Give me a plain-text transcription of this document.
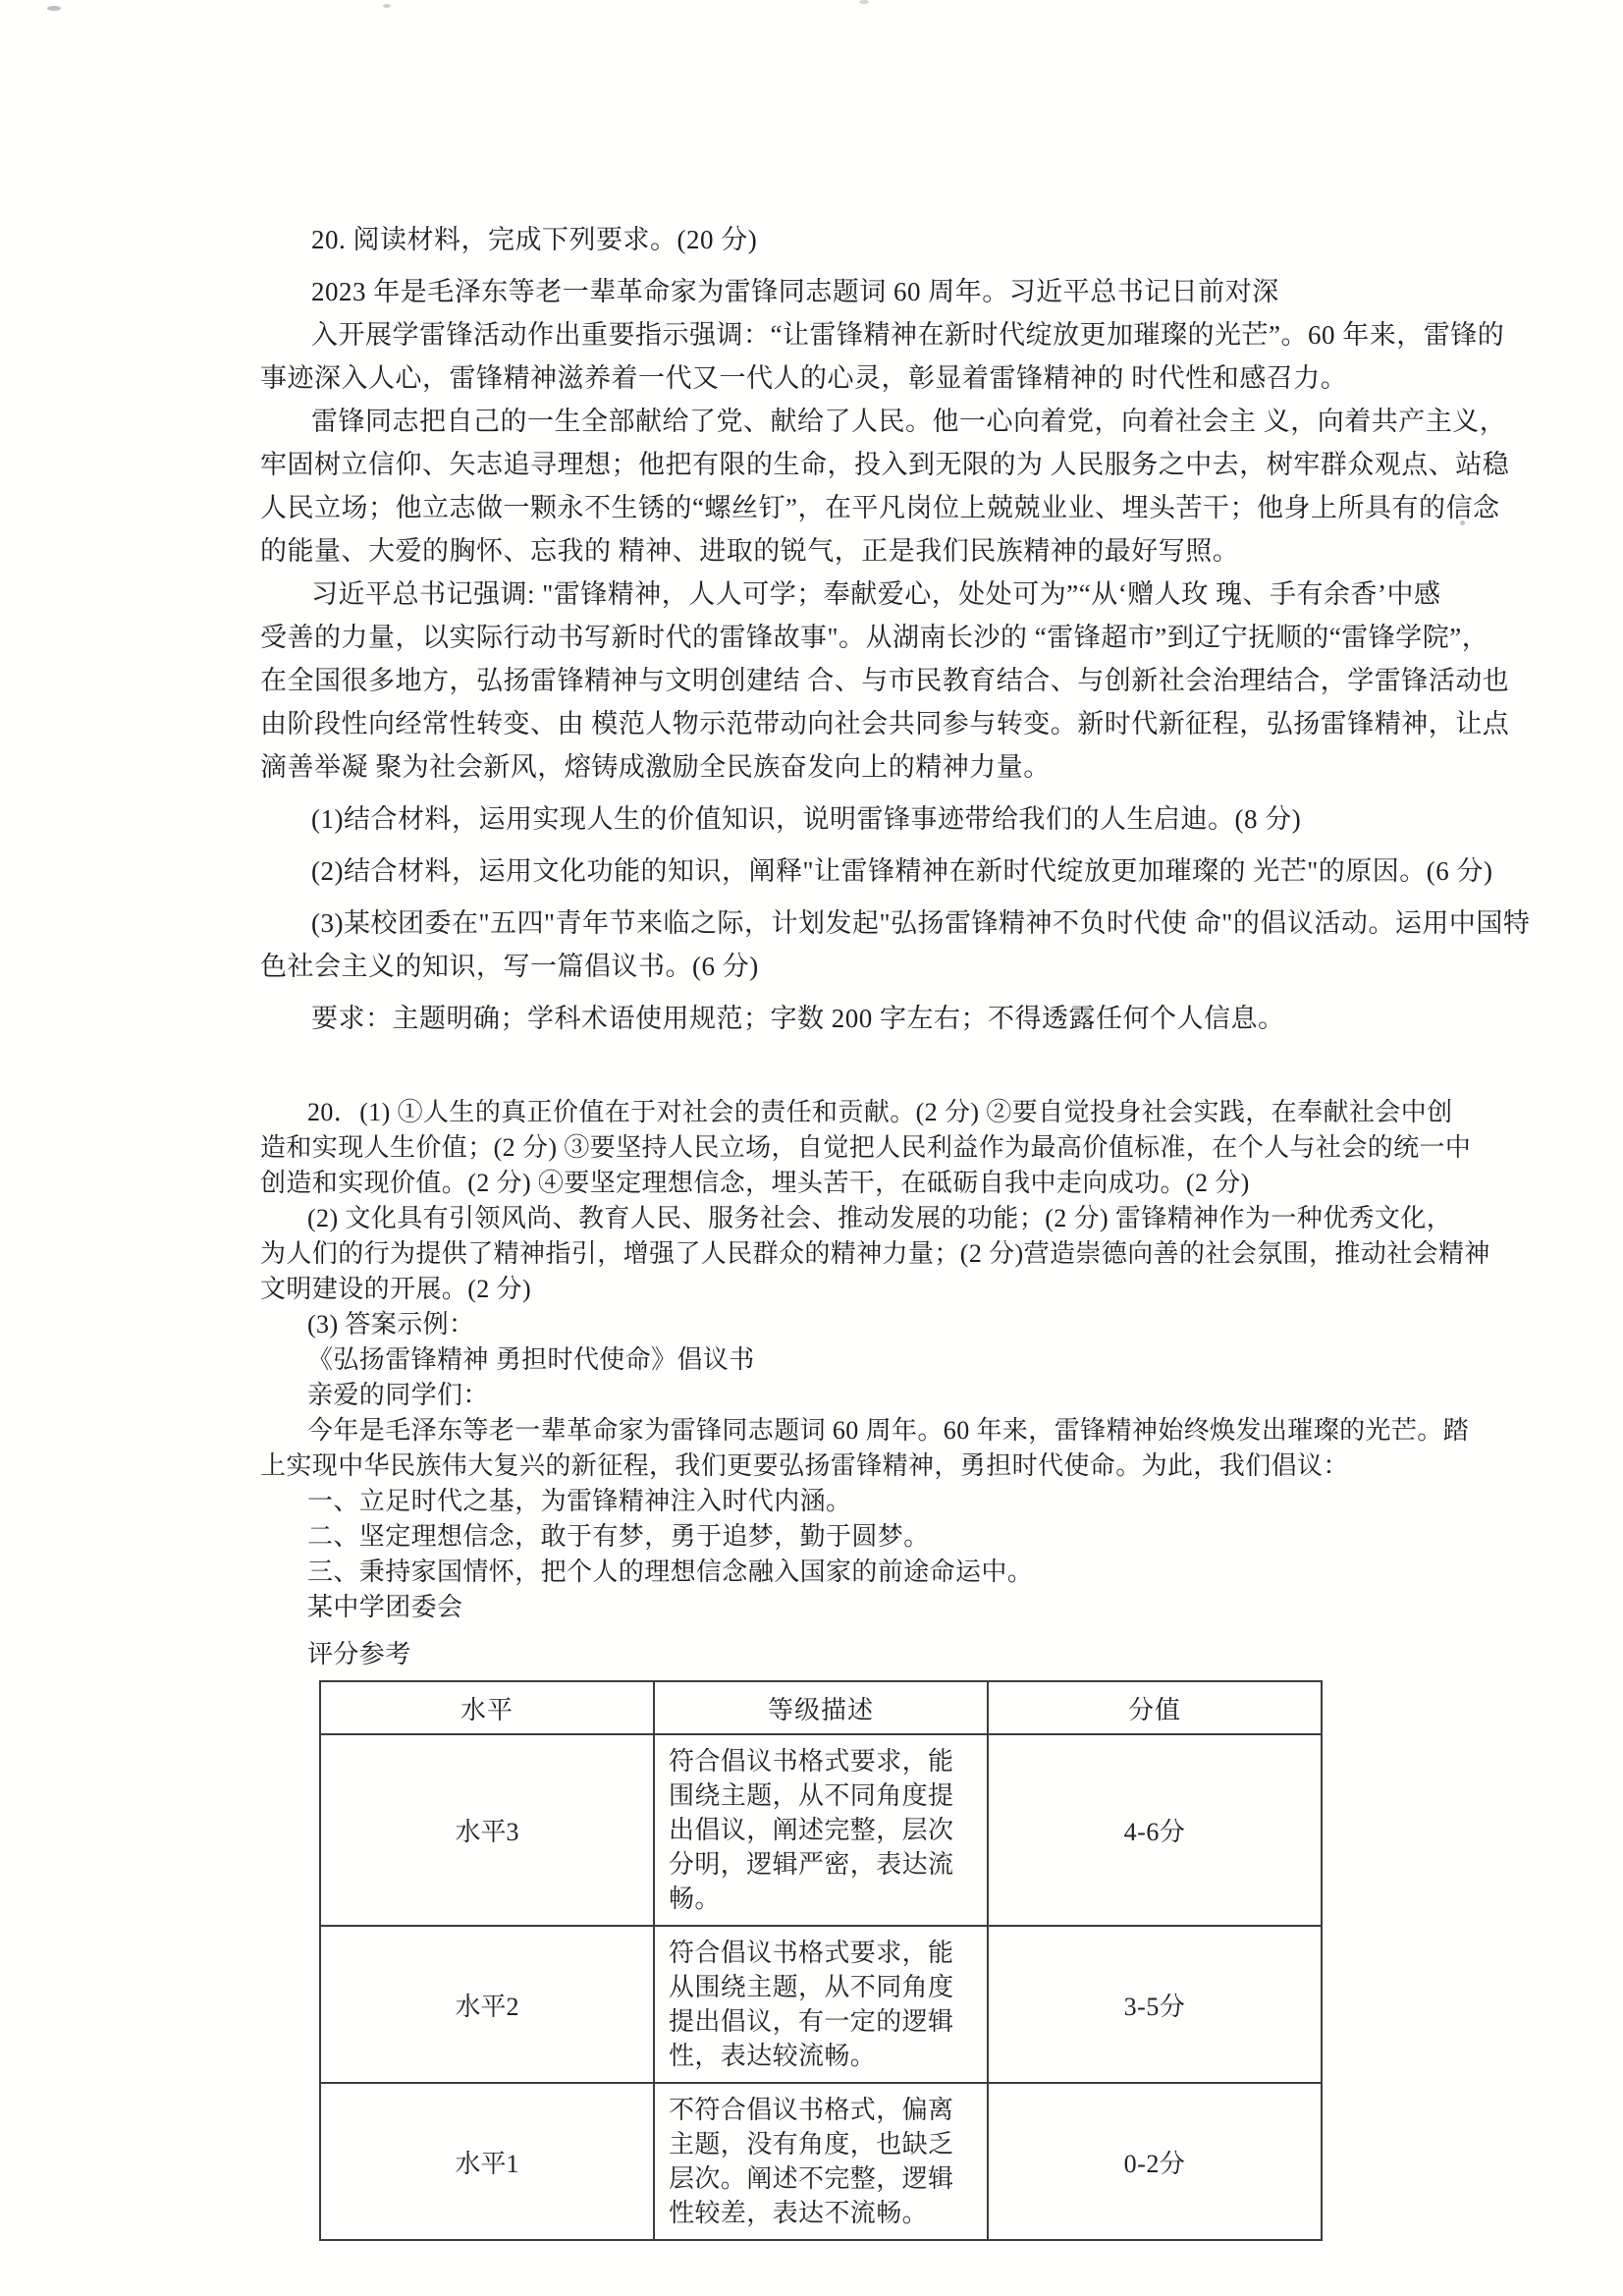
20. 阅读材料，完成下列要求。(20 分)
2023 年是毛泽东等老一辈革命家为雷锋同志题词 60 周年。习近平总书记日前对深
入开展学雷锋活动作出重要指示强调：“让雷锋精神在新时代绽放更加璀璨的光芒”。60 年来，雷锋的
事迹深入人心，雷锋精神滋养着一代又一代人的心灵，彰显着雷锋精神的 时代性和感召力。
雷锋同志把自己的一生全部献给了党、献给了人民。他一心向着党，向着社会主 义，向着共产主义，
牢固树立信仰、矢志追寻理想；他把有限的生命，投入到无限的为 人民服务之中去，树牢群众观点、站稳
人民立场；他立志做一颗永不生锈的“螺丝钉”，在平凡岗位上兢兢业业、埋头苦干；他身上所具有的信念
的能量、大爱的胸怀、忘我的 精神、进取的锐气，正是我们民族精神的最好写照。
习近平总书记强调: "雷锋精神，人人可学；奉献爱心，处处可为”“从‘赠人玫 瑰、手有余香’中感
受善的力量，以实际行动书写新时代的雷锋故事"。从湖南长沙的 “雷锋超市”到辽宁抚顺的“雷锋学院”，
在全国很多地方，弘扬雷锋精神与文明创建结 合、与市民教育结合、与创新社会治理结合，学雷锋活动也
由阶段性向经常性转变、由 模范人物示范带动向社会共同参与转变。新时代新征程，弘扬雷锋精神，让点
滴善举凝 聚为社会新风，熔铸成激励全民族奋发向上的精神力量。
(1)结合材料，运用实现人生的价值知识，说明雷锋事迹带给我们的人生启迪。(8 分)
(2)结合材料，运用文化功能的知识，阐释"让雷锋精神在新时代绽放更加璀璨的 光芒"的原因。(6 分)
(3)某校团委在"五四"青年节来临之际，计划发起"弘扬雷锋精神不负时代使 命"的倡议活动。运用中国特
色社会主义的知识，写一篇倡议书。(6 分)
要求：主题明确；学科术语使用规范；字数 200 字左右；不得透露任何个人信息。
20．(1) ①人生的真正价值在于对社会的责任和贡献。(2 分) ②要自觉投身社会实践，在奉献社会中创
造和实现人生价值；(2 分) ③要坚持人民立场，自觉把人民利益作为最高价值标准，在个人与社会的统一中
创造和实现价值。(2 分) ④要坚定理想信念，埋头苦干，在砥砺自我中走向成功。(2 分)
(2) 文化具有引领风尚、教育人民、服务社会、推动发展的功能；(2 分) 雷锋精神作为一种优秀文化，
为人们的行为提供了精神指引，增强了人民群众的精神力量；(2 分)营造崇德向善的社会氛围，推动社会精神
文明建设的开展。(2 分)
(3) 答案示例：
《弘扬雷锋精神 勇担时代使命》倡议书
亲爱的同学们：
今年是毛泽东等老一辈革命家为雷锋同志题词 60 周年。60 年来，雷锋精神始终焕发出璀璨的光芒。踏
上实现中华民族伟大复兴的新征程，我们更要弘扬雷锋精神，勇担时代使命。为此，我们倡议：
一、立足时代之基，为雷锋精神注入时代内涵。
二、坚定理想信念，敢于有梦，勇于追梦，勤于圆梦。
三、秉持家国情怀，把个人的理想信念融入国家的前途命运中。
某中学团委会
评分参考
水平	等级描述	分值
水平3	符合倡议书格式要求，能围绕主题，从不同角度提出倡议，阐述完整，层次分明，逻辑严密，表达流畅。	4-6分
水平2	符合倡议书格式要求，能从围绕主题，从不同角度提出倡议，有一定的逻辑性，表达较流畅。	3-5分
水平1	不符合倡议书格式，偏离主题，没有角度，也缺乏层次。阐述不完整，逻辑性较差，表达不流畅。	0-2分
